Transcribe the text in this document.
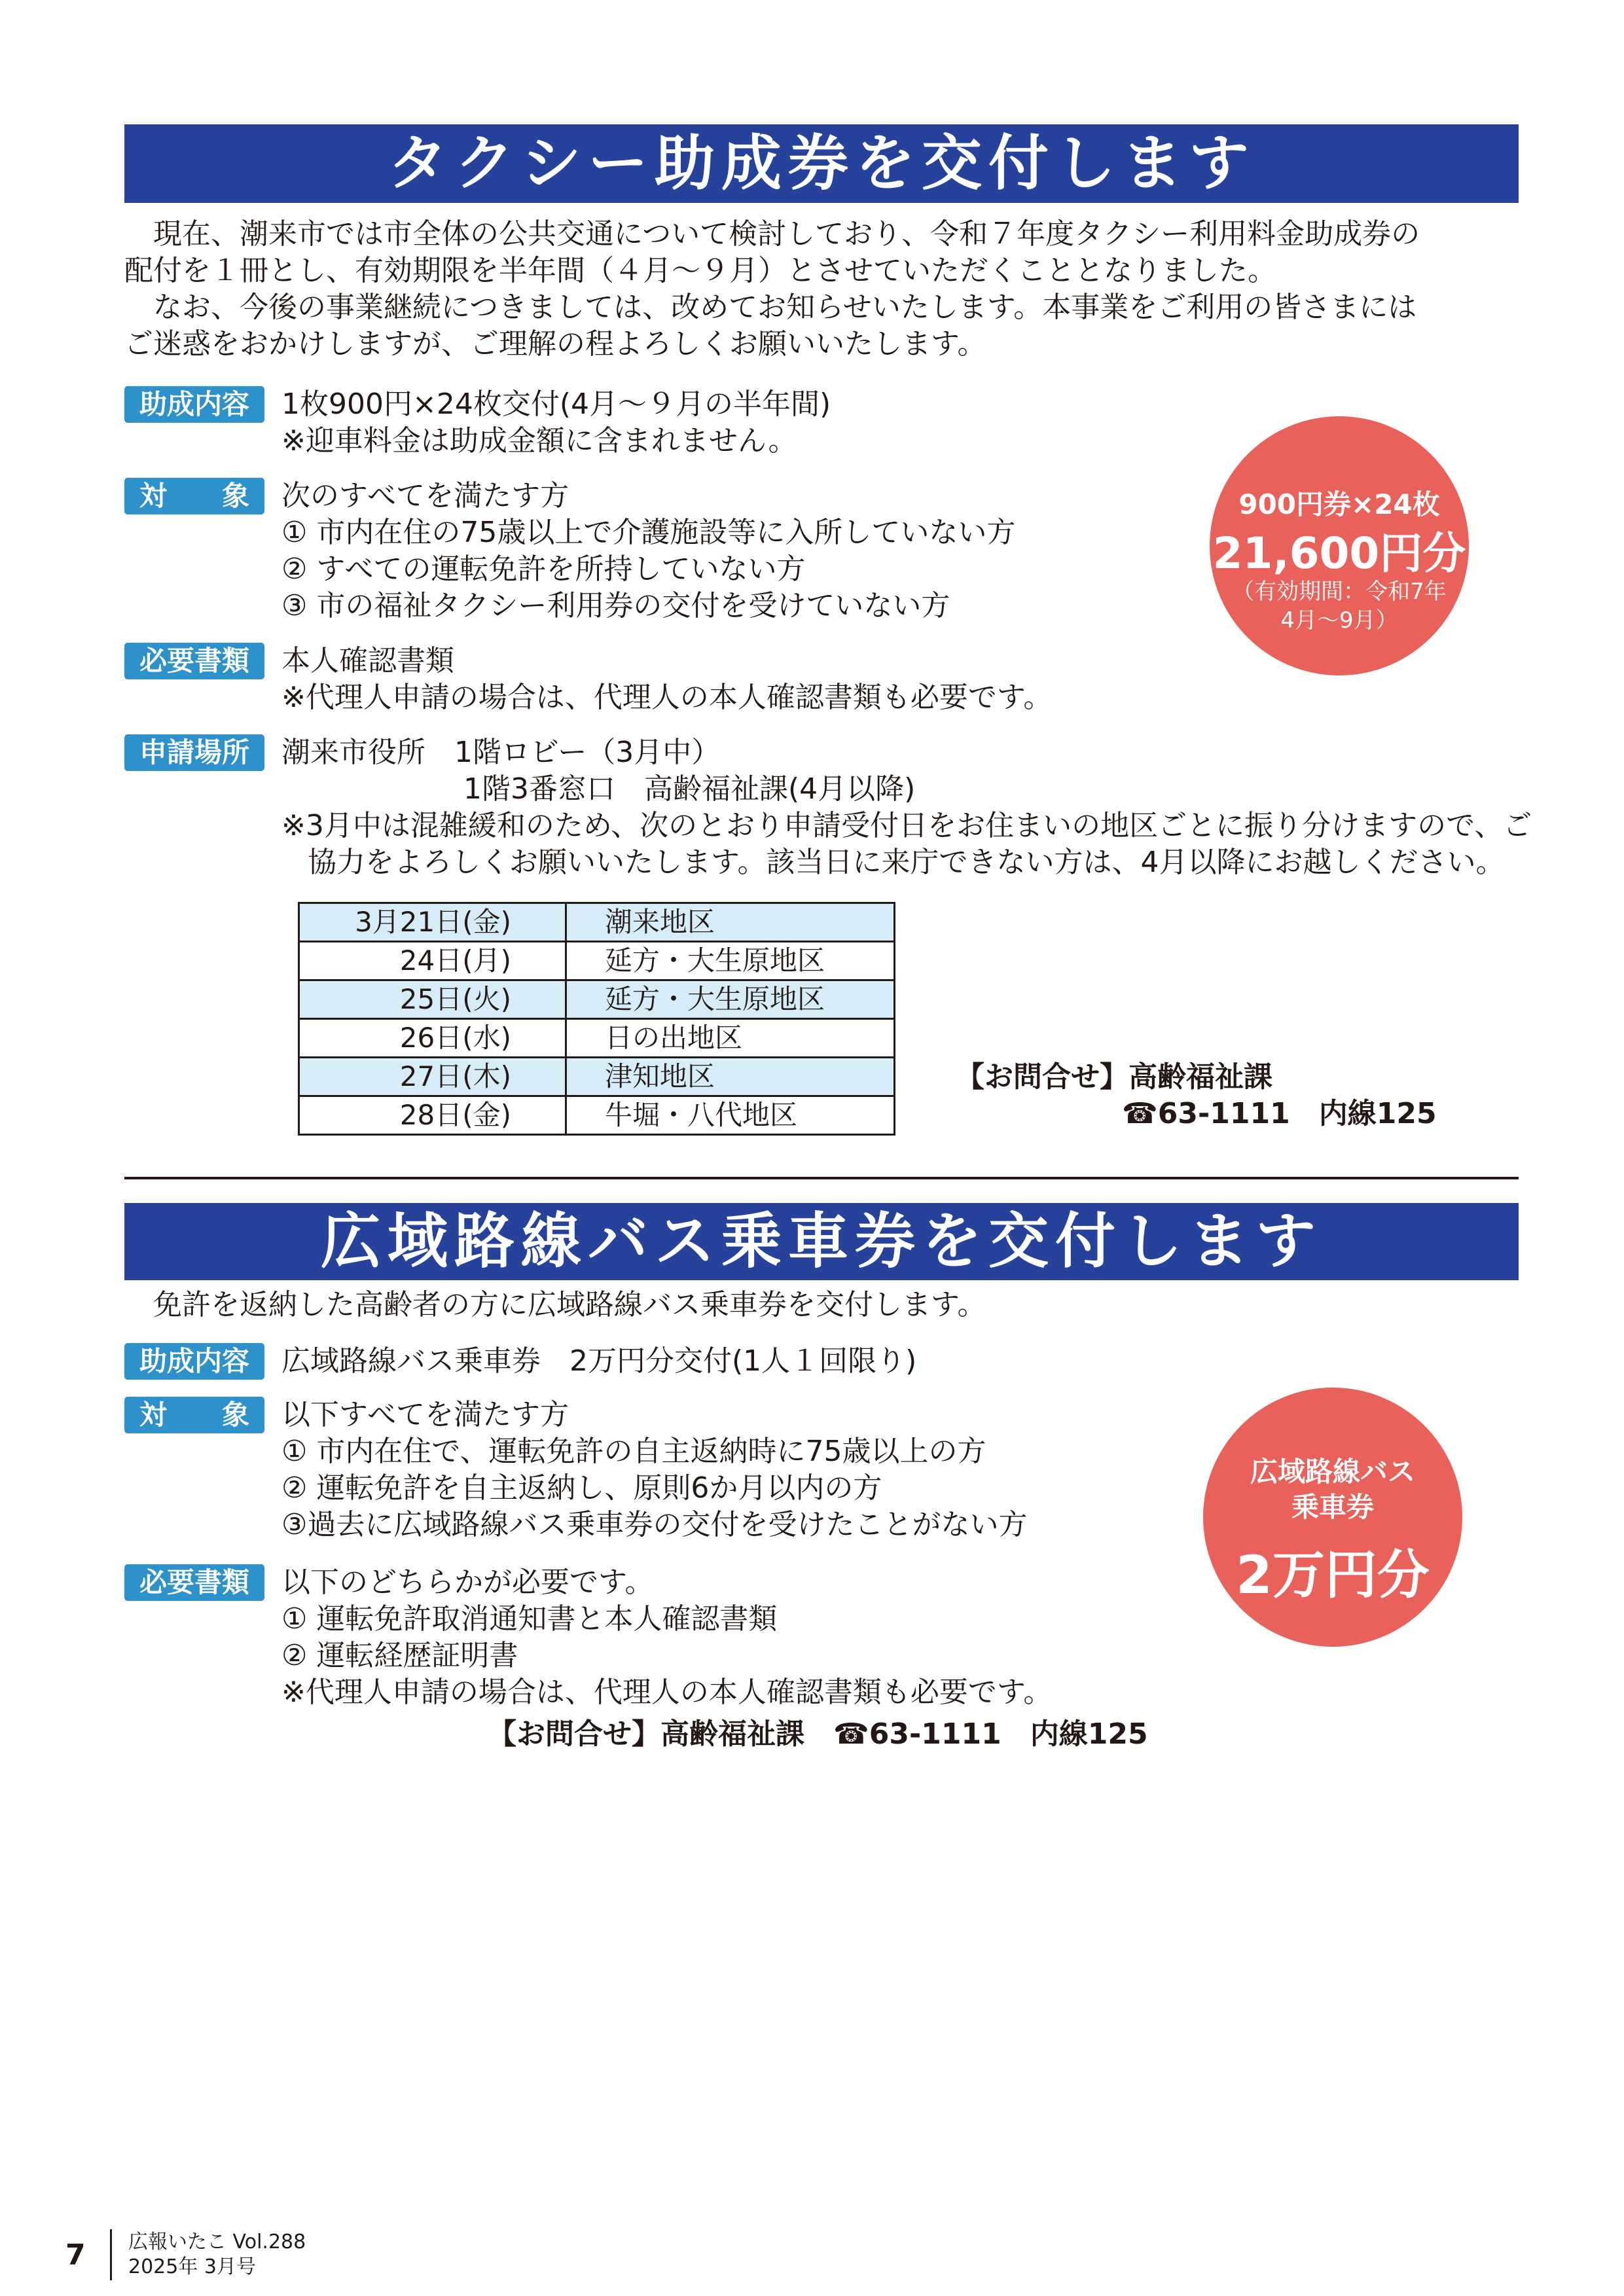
タクシー助成券を交付します
　現在、潮来市では市全体の公共交通について検討しており、令和７年度タクシー利用料金助成券の
配付を１冊とし、有効期限を半年間（４月～９月）とさせていただくこととなりました。
　なお、今後の事業継続につきましては、改めてお知らせいたします。本事業をご利用の皆さまには
ご迷惑をおかけしますが、ご理解の程よろしくお願いいたします。
助成内容	1枚900円×24枚交付(4月～９月の半年間)
※迎車料金は助成金額に含まれません。
対　　象	次のすべてを満たす方
① 市内在住の75歳以上で介護施設等に入所していない方
② すべての運転免許を所持していない方
③ 市の福祉タクシー利用券の交付を受けていない方
必要書類	本人確認書類
※代理人申請の場合は、代理人の本人確認書類も必要です。
申請場所	潮来市役所　1階ロビー（3月中）
1階3番窓口　高齢福祉課(4月以降)
※3月中は混雑緩和のため、次のとおり申請受付日をお住まいの地区ごとに振り分けますので、ご
協力をよろしくお願いいたします。該当日に来庁できない方は、4月以降にお越しください。
3月21日(金)	潮来地区
24日(月)	延方・大生原地区
25日(火)	延方・大生原地区
26日(水)	日の出地区
27日(木)	津知地区
28日(金)	牛堀・八代地区
【お問合せ】高齢福祉課
☎63-1111　内線125
900円券×24枚
21,600円分
（有効期間：令和7年
4月～9月）
広域路線バス乗車券を交付します
　免許を返納した高齢者の方に広域路線バス乗車券を交付します。
助成内容	広域路線バス乗車券　2万円分交付(1人１回限り)
対　　象	以下すべてを満たす方
① 市内在住で、運転免許の自主返納時に75歳以上の方
② 運転免許を自主返納し、原則6か月以内の方
③過去に広域路線バス乗車券の交付を受けたことがない方
必要書類	以下のどちらかが必要です。
① 運転免許取消通知書と本人確認書類
② 運転経歴証明書
※代理人申請の場合は、代理人の本人確認書類も必要です。
【お問合せ】高齢福祉課　☎63-1111　内線125
広域路線バス
乗車券
2万円分
7 広報いたこ Vol.288
2025年 3月号
